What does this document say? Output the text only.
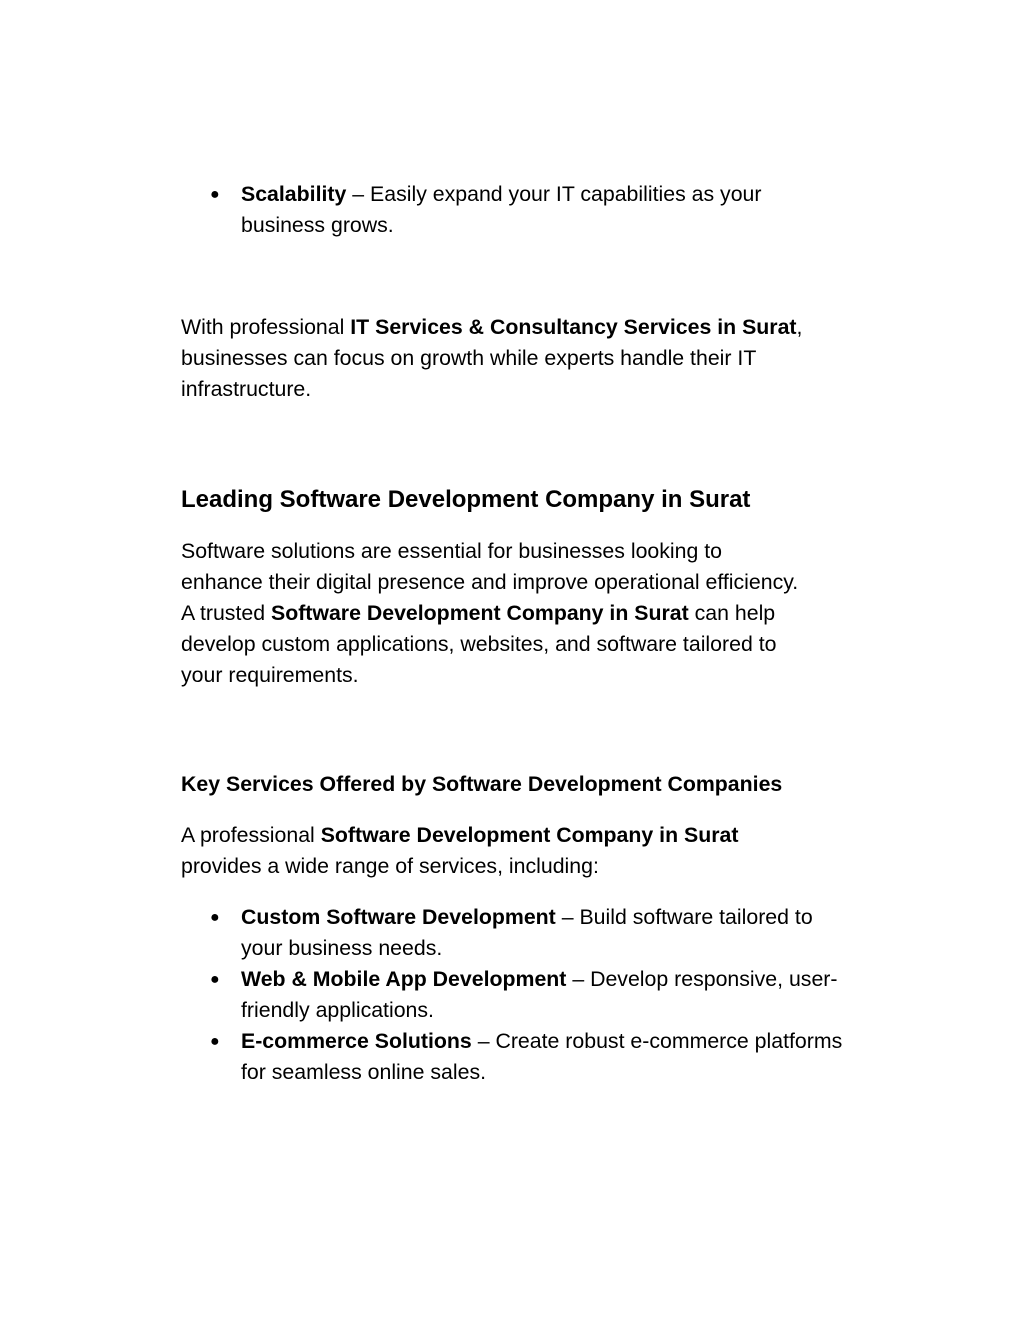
● Scalability – Easily expand your IT capabilities as your business grows.

With professional IT Services & Consultancy Services in Surat, businesses can focus on growth while experts handle their IT infrastructure.

Leading Software Development Company in Surat

Software solutions are essential for businesses looking to enhance their digital presence and improve operational efficiency. A trusted Software Development Company in Surat can help develop custom applications, websites, and software tailored to your requirements.

Key Services Offered by Software Development Companies

A professional Software Development Company in Surat provides a wide range of services, including:

● Custom Software Development – Build software tailored to your business needs.
● Web & Mobile App Development – Develop responsive, user-friendly applications.
● E-commerce Solutions – Create robust e-commerce platforms for seamless online sales.
